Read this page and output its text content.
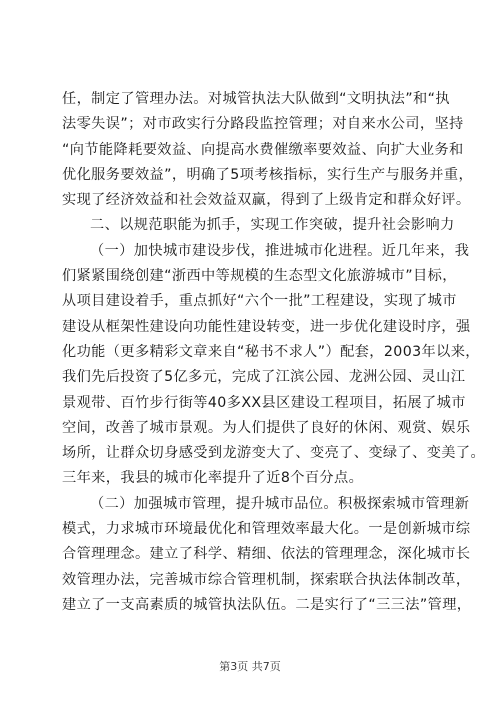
任，制定了管理办法。对城管执法大队做到“文明执法”和“执
法零失误”；对市政实行分路段监控管理；对自来水公司，坚持
“向节能降耗要效益、向提高水费催缴率要效益、向扩大业务和
优化服务要效益”，明确了5项考核指标，实行生产与服务并重，
实现了经济效益和社会效益双赢，得到了上级肯定和群众好评。
二、以规范职能为抓手，实现工作突破，提升社会影响力
（一）加快城市建设步伐，推进城市化进程。近几年来，我
们紧紧围绕创建“浙西中等规模的生态型文化旅游城市”目标，
从项目建设着手，重点抓好“六个一批”工程建设，实现了城市
建设从框架性建设向功能性建设转变，进一步优化建设时序，强
化功能（更多精彩文章来自“秘书不求人”）配套，2003年以来，
我们先后投资了5亿多元，完成了江滨公园、龙洲公园、灵山江
景观带、百竹步行街等40多XX县区建设工程项目，拓展了城市
空间，改善了城市景观。为人们提供了良好的休闲、观赏、娱乐
场所，让群众切身感受到龙游变大了、变亮了、变绿了、变美了。
三年来，我县的城市化率提升了近8个百分点。
（二）加强城市管理，提升城市品位。积极探索城市管理新
模式，力求城市环境最优化和管理效率最大化。一是创新城市综
合管理理念。建立了科学、精细、依法的管理理念，深化城市长
效管理办法，完善城市综合管理机制，探索联合执法体制改革，
建立了一支高素质的城管执法队伍。二是实行了“三三法”管理，
第3页 共7页
